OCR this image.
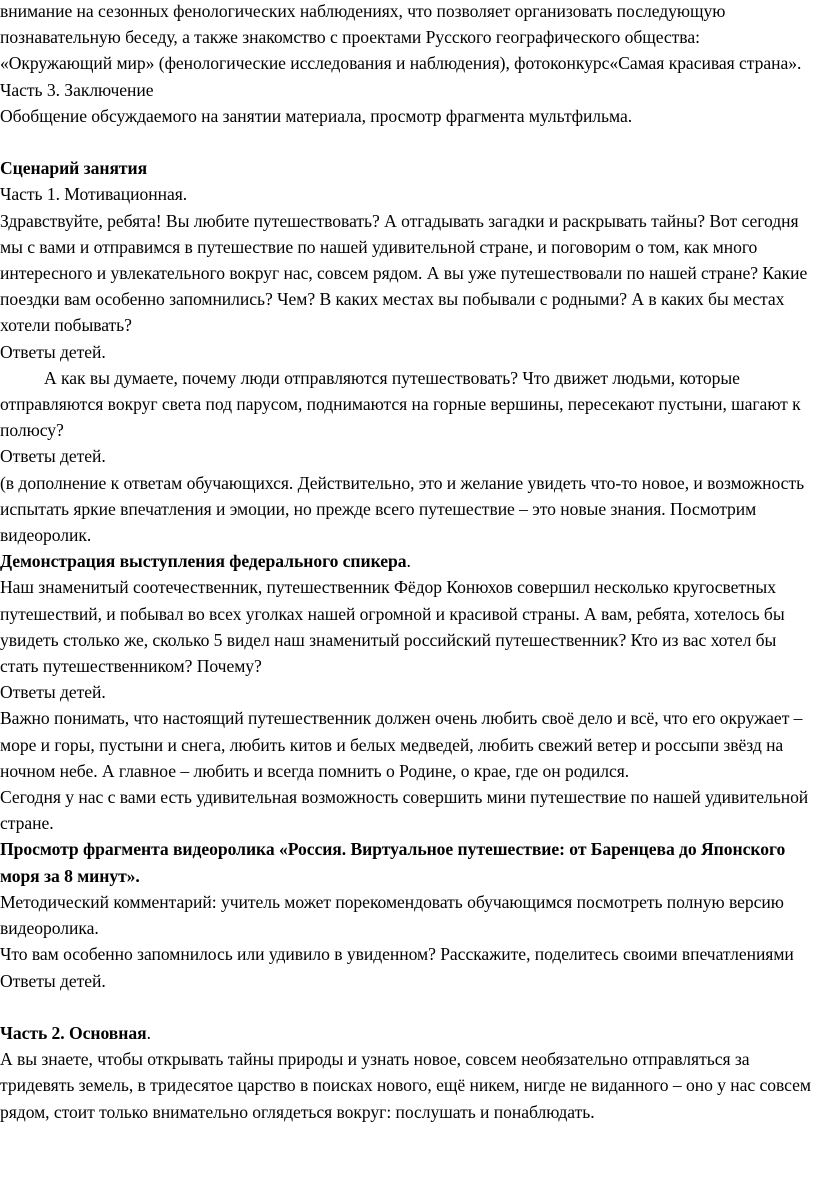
внимание на сезонных фенологических наблюдениях, что позволяет организовать последующую познавательную беседу, а также знакомство с проектами Русского географического общества: «Окружающий мир» (фенологические исследования и наблюдения), фотоконкурс«Самая красивая страна».

Часть 3. Заключение

Обобщение обсуждаемого на занятии материала, просмотр фрагмента мультфильма.

Сценарий занятия

Часть 1. Мотивационная.

Здравствуйте, ребята! Вы любите путешествовать? А отгадывать загадки и раскрывать тайны? Вот сегодня мы с вами и отправимся в путешествие по нашей удивительной стране, и поговорим о том, как много интересного и увлекательного вокруг нас, совсем рядом. А вы уже путешествовали по нашей стране? Какие поездки вам особенно запомнились? Чем? В каких местах вы побывали с родными? А в каких бы местах хотели побывать?

Ответы детей.

А как вы думаете, почему люди отправляются путешествовать? Что движет людьми, которые отправляются вокруг света под парусом, поднимаются на горные вершины, пересекают пустыни, шагают к полюсу?

Ответы детей.

(в дополнение к ответам обучающихся. Действительно, это и желание увидеть что-то новое, и возможность испытать яркие впечатления и эмоции, но прежде всего путешествие – это новые знания. Посмотрим видеоролик.

Демонстрация выступления федерального спикера.

Наш знаменитый соотечественник, путешественник Фёдор Конюхов совершил несколько кругосветных путешествий, и побывал во всех уголках нашей огромной и красивой страны. А вам, ребята, хотелось бы увидеть столько же, сколько 5 видел наш знаменитый российский путешественник? Кто из вас хотел бы стать путешественником? Почему?

Ответы детей.

Важно понимать, что настоящий путешественник должен очень любить своё дело и всё, что его окружает – море и горы, пустыни и снега, любить китов и белых медведей, любить свежий ветер и россыпи звёзд на ночном небе. А главное – любить и всегда помнить о Родине, о крае, где он родился.

Сегодня у нас с вами есть удивительная возможность совершить мини путешествие по нашей удивительной стране.

Просмотр фрагмента видеоролика «Россия. Виртуальное путешествие: от Баренцева до Японского моря за 8 минут».

Методический комментарий: учитель может порекомендовать обучающимся посмотреть полную версию видеоролика.

Что вам особенно запомнилось или удивило в увиденном? Расскажите, поделитесь своими впечатлениями

Ответы детей.

Часть 2. Основная.

А вы знаете, чтобы открывать тайны природы и узнать новое, совсем необязательно отправляться за тридевять земель, в тридесятое царство в поисках нового, ещё никем, нигде не виданного – оно у нас совсем рядом, стоит только внимательно оглядеться вокруг: послушать и понаблюдать.
